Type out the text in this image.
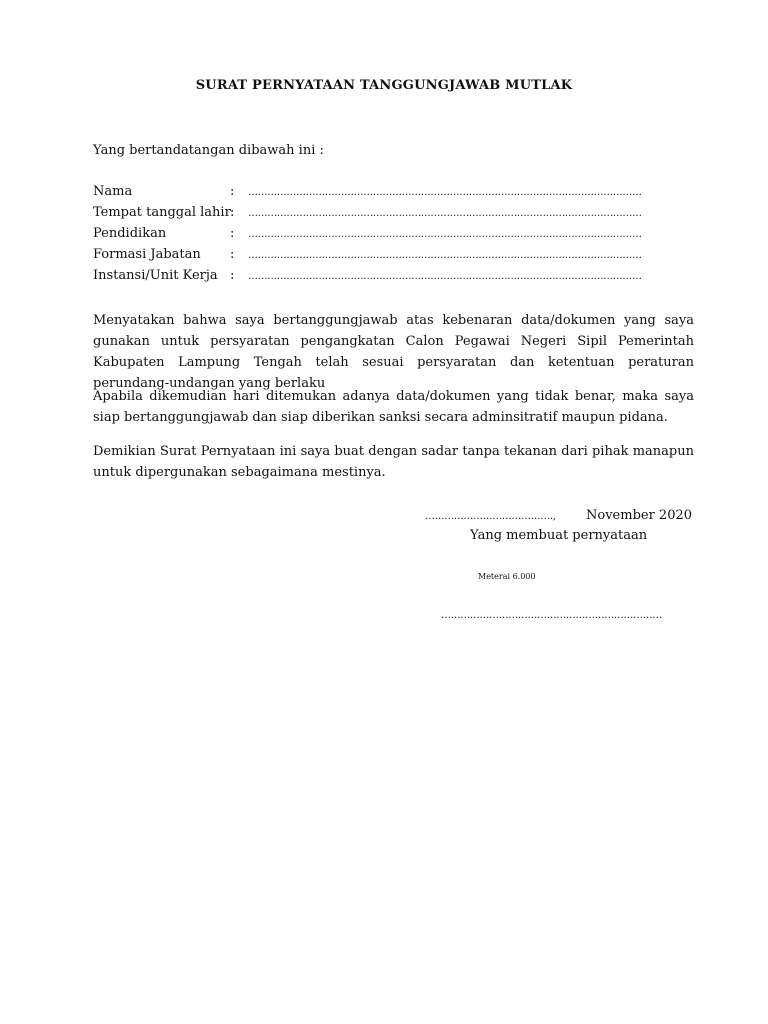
SURAT PERNYATAAN TANGGUNGJAWAB MUTLAK
Yang bertandatangan dibawah ini :
Nama	:	……………………………………………………………………………………………………………
Tempat tanggal lahir :	……………………………………………………………………………………………………………
Pendidikan	:	……………………………………………………………………………………………………………
Formasi Jabatan	:	……………………………………………………………………………………………………………
Instansi/Unit Kerja :	……………………………………………………………………………………………………………
Menyatakan bahwa saya bertanggungjawab atas kebenaran data/dokumen yang saya gunakan untuk persyaratan pengangkatan Calon Pegawai Negeri Sipil Pemerintah Kabupaten Lampung Tengah telah sesuai persyaratan dan ketentuan peraturan perundang-undangan yang berlaku
Apabila dikemudian hari ditemukan adanya data/dokumen yang tidak benar, maka saya siap bertanggungjawab dan siap diberikan sanksi secara adminsitratif maupun pidana.
Demikian Surat Pernyataan ini saya buat dengan sadar tanpa tekanan dari pihak manapun untuk dipergunakan sebagaimana mestinya.
…………………………………., November 2020
Yang membuat pernyataan
Meterai 6.000
……………………………………………………………
